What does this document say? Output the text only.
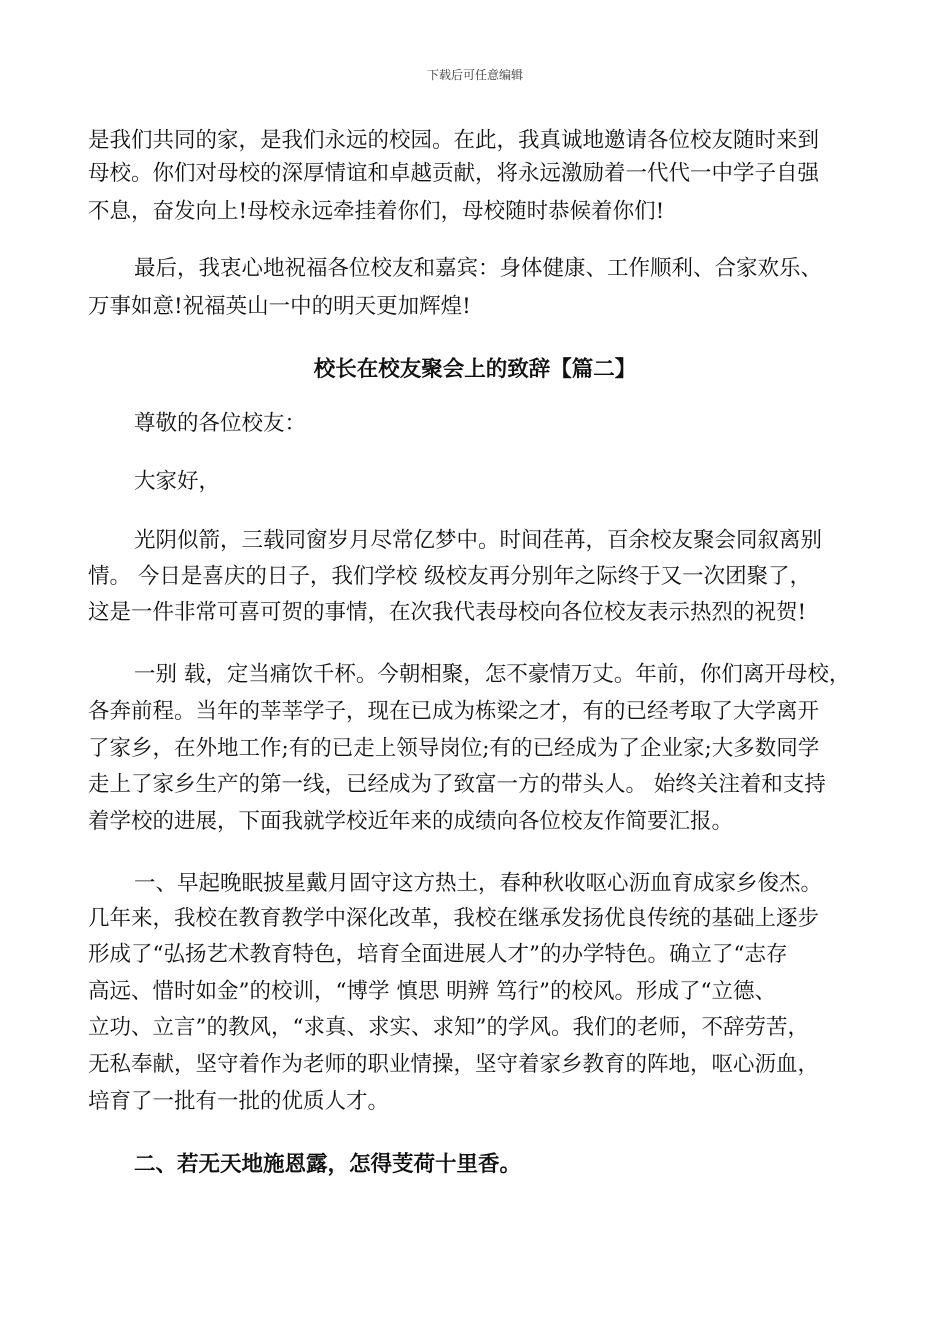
下载后可任意编辑
是我们共同的家，是我们永远的校园。在此，我真诚地邀请各位校友随时来到
母校。你们对母校的深厚情谊和卓越贡献，将永远激励着一代代一中学子自强
不息，奋发向上!母校永远牵挂着你们，母校随时恭候着你们!
最后，我衷心地祝福各位校友和嘉宾：身体健康、工作顺利、合家欢乐、
万事如意!祝福英山一中的明天更加辉煌!
校长在校友聚会上的致辞【篇二】
尊敬的各位校友：
大家好，
光阴似箭，三载同窗岁月尽常亿梦中。时间荏苒，百余校友聚会同叙离别
情。 今日是喜庆的日子，我们学校 级校友再分别年之际终于又一次团聚了，
这是一件非常可喜可贺的事情，在次我代表母校向各位校友表示热烈的祝贺!
一别 载，定当痛饮千杯。今朝相聚，怎不豪情万丈。年前，你们离开母校，
各奔前程。当年的莘莘学子，现在已成为栋梁之才，有的已经考取了大学离开
了家乡，在外地工作;有的已走上领导岗位;有的已经成为了企业家;大多数同学
走上了家乡生产的第一线，已经成为了致富一方的带头人。 始终关注着和支持
着学校的进展，下面我就学校近年来的成绩向各位校友作简要汇报。
一、早起晚眠披星戴月固守这方热土，春种秋收呕心沥血育成家乡俊杰。
几年来，我校在教育教学中深化改革，我校在继承发扬优良传统的基础上逐步
形成了“弘扬艺术教育特色，培育全面进展人才”的办学特色。确立了“志存
高远、惜时如金”的校训，“博学 慎思 明辨 笃行”的校风。形成了“立德、
立功、立言”的教风，“求真、求实、求知”的学风。我们的老师，不辞劳苦，
无私奉献，坚守着作为老师的职业情操，坚守着家乡教育的阵地，呕心沥血，
培育了一批有一批的优质人才。
二、若无天地施恩露，怎得芰荷十里香。
